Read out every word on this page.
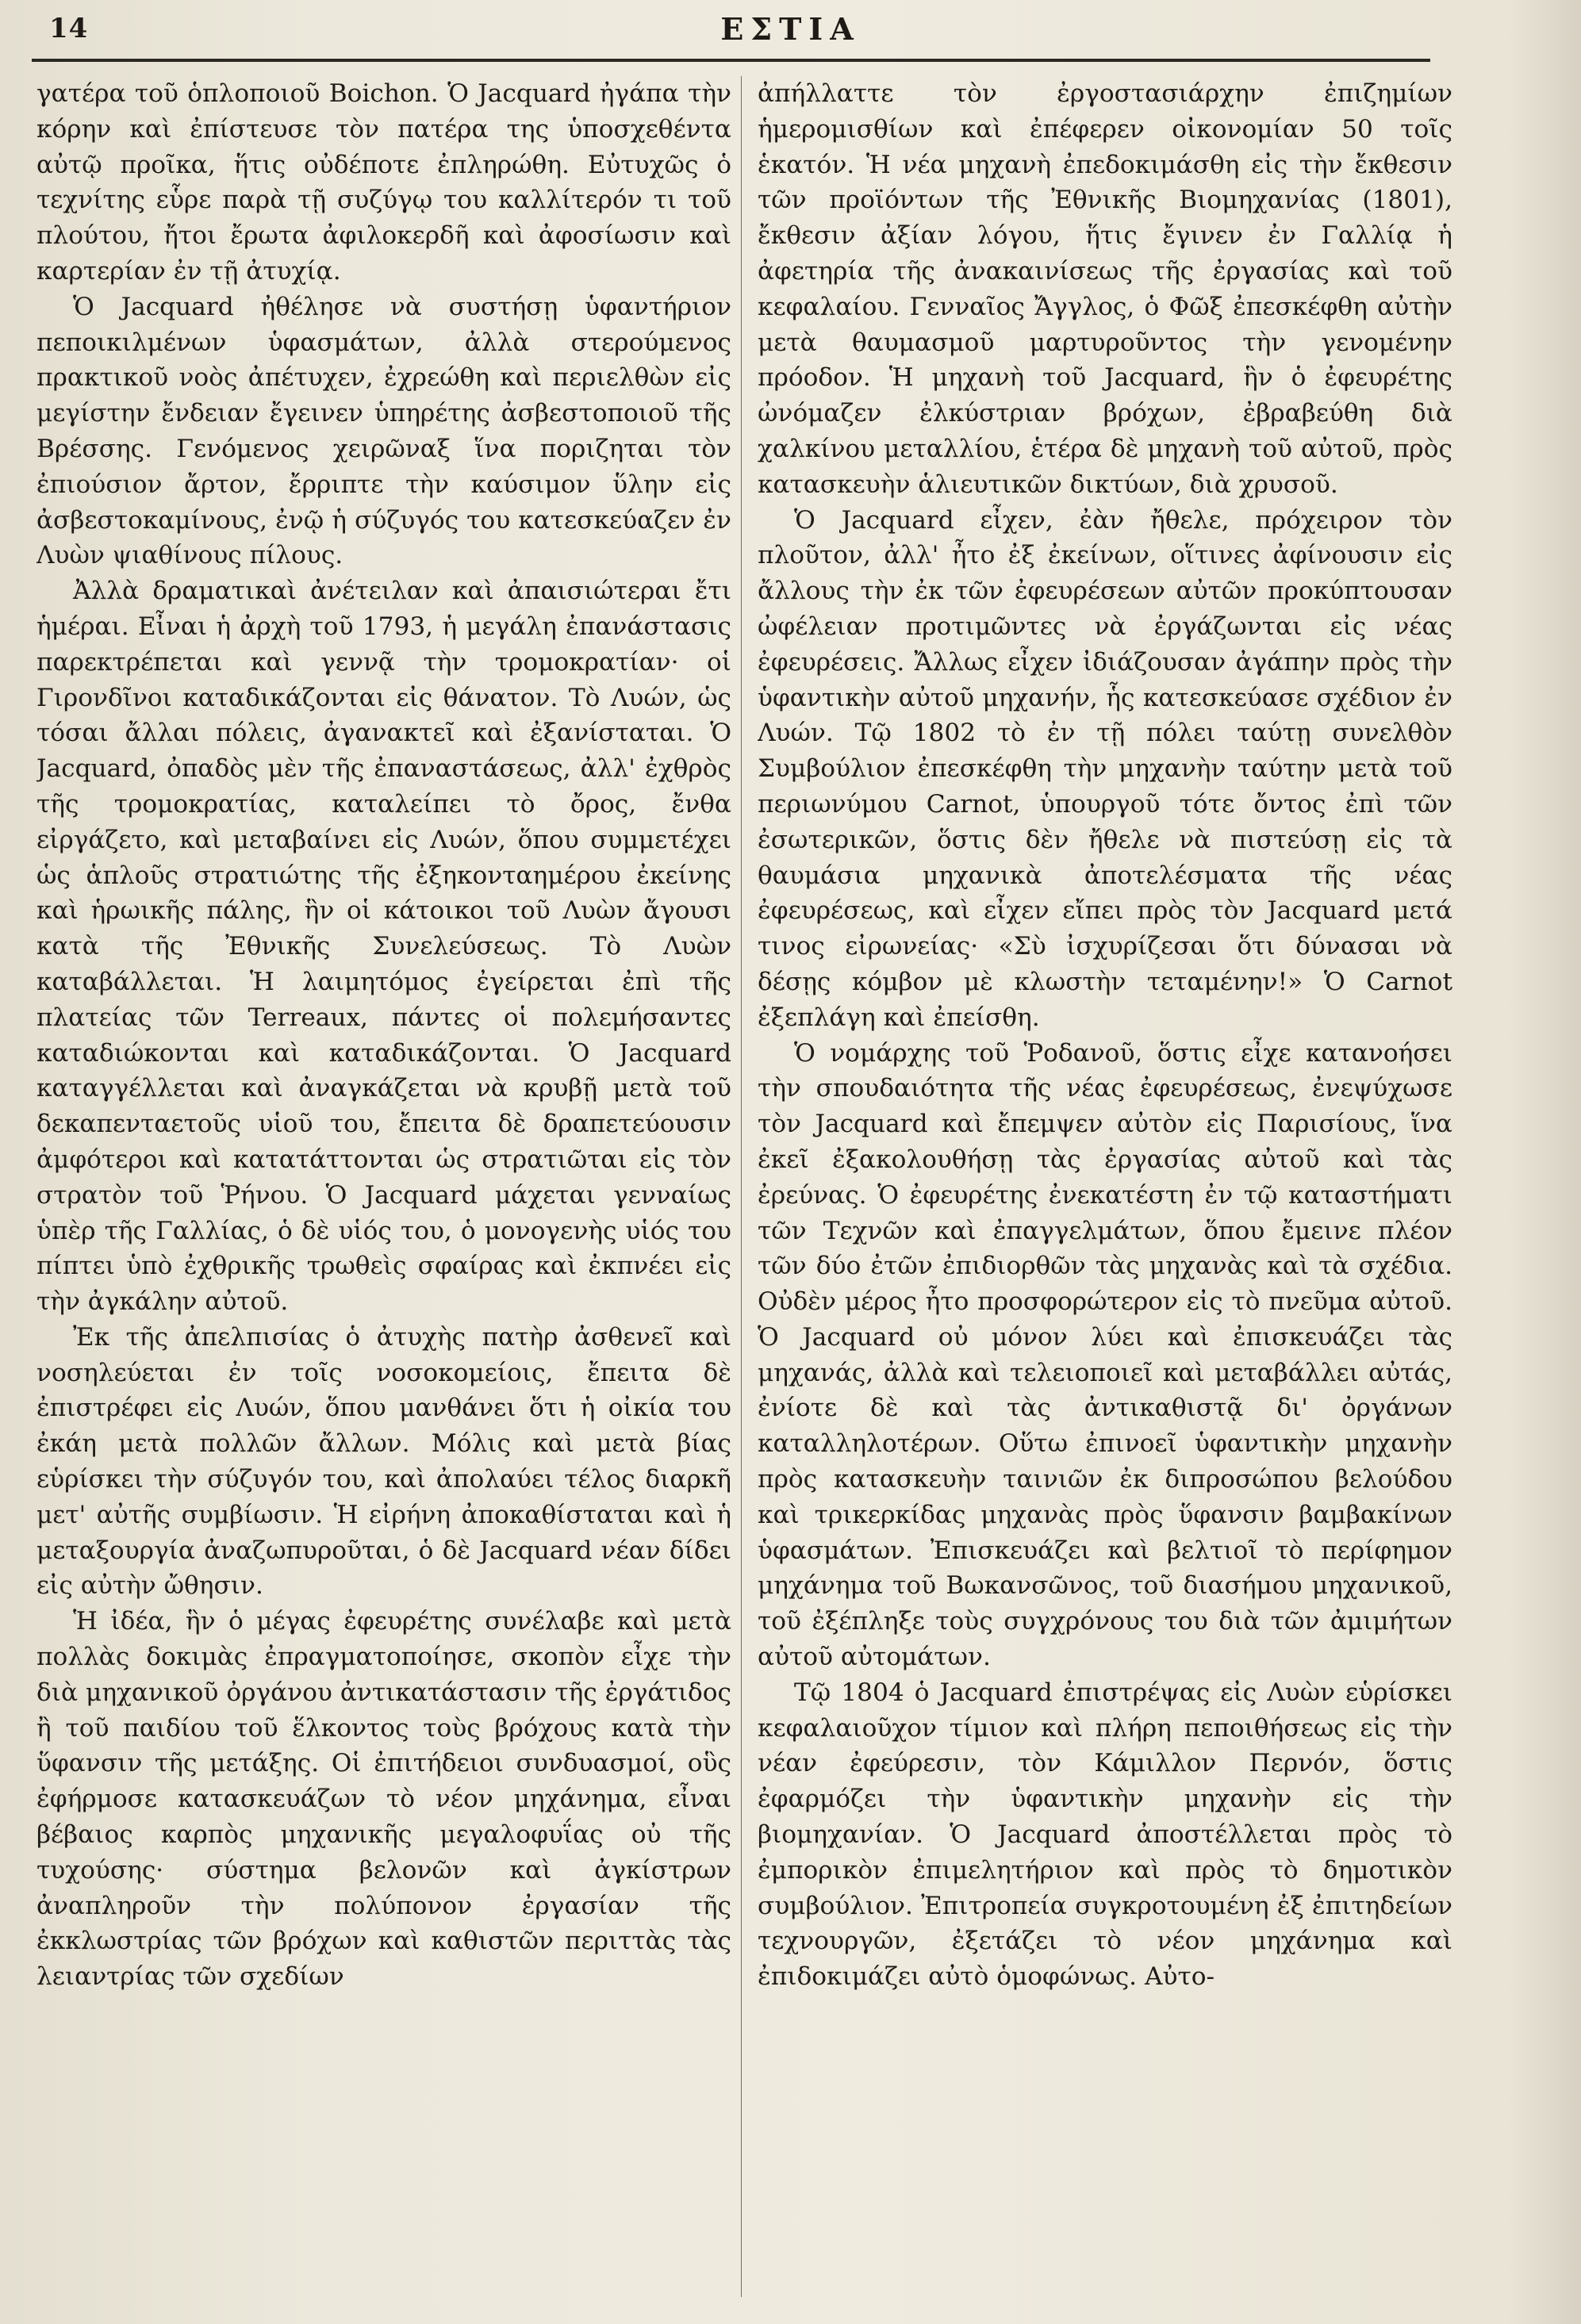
14	ΕΣΤΙΑ

γατέρα τοῦ ὁπλοποιοῦ Boichon. Ὁ Jacquard ἠγάπα τὴν κόρην καὶ ἐπίστευσε τὸν πατέρα της ὑποσχεθέντα αὐτῷ προῖκα, ἥτις οὐδέποτε ἐπληρώθη. Εὐτυχῶς ὁ τεχνίτης εὗρε παρὰ τῇ συζύγῳ του καλλίτερόν τι τοῦ πλούτου, ἤτοι ἔρωτα ἀφιλοκερδῆ καὶ ἀφοσίωσιν καὶ καρτερίαν ἐν τῇ ἀτυχίᾳ.

Ὁ Jacquard ἠθέλησε νὰ συστήσῃ ὑφαντήριον πεποικιλμένων ὑφασμάτων, ἀλλὰ στερούμενος πρακτικοῦ νοὸς ἀπέτυχεν, ἐχρεώθη καὶ περιελθὼν εἰς μεγίστην ἔνδειαν ἔγεινεν ὑπηρέτης ἀσβεστοποιοῦ τῆς Βρέσσης. Γενόμενος χειρῶναξ ἵνα ποριζηται τὸν ἐπιούσιον ἄρτον, ἔρριπτε τὴν καύσιμον ὕλην εἰς ἀσβεστοκαμίνους, ἐνῷ ἡ σύζυγός του κατεσκεύαζεν ἐν Λυὼν ψιαθίνους πίλους.

Ἀλλὰ δραματικαὶ ἀνέτειλαν καὶ ἀπαισιώτεραι ἔτι ἡμέραι. Εἶναι ἡ ἀρχὴ τοῦ 1793, ἡ μεγάλη ἐπανάστασις παρεκτρέπεται καὶ γεννᾷ τὴν τρομοκρατίαν· οἱ Γιρονδῖνοι καταδικάζονται εἰς θάνατον. Τὸ Λυών, ὡς τόσαι ἄλλαι πόλεις, ἀγανακτεῖ καὶ ἐξανίσταται. Ὁ Jacquard, ὀπαδὸς μὲν τῆς ἐπαναστάσεως, ἀλλ' ἐχθρὸς τῆς τρομοκρατίας, καταλείπει τὸ ὄρος, ἔνθα εἰργάζετο, καὶ μεταβαίνει εἰς Λυών, ὅπου συμμετέχει ὡς ἁπλοῦς στρατιώτης τῆς ἐξηκονταημέρου ἐκείνης καὶ ἡρωικῆς πάλης, ἣν οἱ κάτοικοι τοῦ Λυὼν ἄγουσι κατὰ τῆς Ἐθνικῆς Συνελεύσεως. Τὸ Λυὼν καταβάλλεται. Ἡ λαιμητόμος ἐγείρεται ἐπὶ τῆς πλατείας τῶν Terreaux, πάντες οἱ πολεμήσαντες καταδιώκονται καὶ καταδικάζονται. Ὁ Jacquard καταγγέλλεται καὶ ἀναγκάζεται νὰ κρυβῇ μετὰ τοῦ δεκαπενταετοῦς υἱοῦ του, ἔπειτα δὲ δραπετεύουσιν ἀμφότεροι καὶ κατατάττονται ὡς στρατιῶται εἰς τὸν στρατὸν τοῦ Ῥήνου. Ὁ Jacquard μάχεται γενναίως ὑπὲρ τῆς Γαλλίας, ὁ δὲ υἱός του, ὁ μονογενὴς υἱός του πίπτει ὑπὸ ἐχθρικῆς τρωθεὶς σφαίρας καὶ ἐκπνέει εἰς τὴν ἀγκάλην αὐτοῦ.

Ἐκ τῆς ἀπελπισίας ὁ ἀτυχὴς πατὴρ ἀσθενεῖ καὶ νοσηλεύεται ἐν τοῖς νοσοκομείοις, ἔπειτα δὲ ἐπιστρέφει εἰς Λυών, ὅπου μανθάνει ὅτι ἡ οἰκία του ἐκάη μετὰ πολλῶν ἄλλων. Μόλις καὶ μετὰ βίας εὑρίσκει τὴν σύζυγόν του, καὶ ἀπολαύει τέλος διαρκῆ μετ' αὐτῆς συμβίωσιν. Ἡ εἰρήνη ἀποκαθίσταται καὶ ἡ μεταξουργία ἀναζωπυροῦται, ὁ δὲ Jacquard νέαν δίδει εἰς αὐτὴν ὤθησιν.

Ἡ ἰδέα, ἣν ὁ μέγας ἐφευρέτης συνέλαβε καὶ μετὰ πολλὰς δοκιμὰς ἐπραγματοποίησε, σκοπὸν εἶχε τὴν διὰ μηχανικοῦ ὀργάνου ἀντικατάστασιν τῆς ἐργάτιδος ἢ τοῦ παιδίου τοῦ ἕλκοντος τοὺς βρόχους κατὰ τὴν ὕφανσιν τῆς μετάξης. Οἱ ἐπιτήδειοι συνδυασμοί, οὓς ἐφήρμοσε κατασκευάζων τὸ νέον μηχάνημα, εἶναι βέβαιος καρπὸς μηχανικῆς μεγαλοφυΐας οὐ τῆς τυχούσης· σύστημα βελονῶν καὶ ἀγκίστρων ἀναπληροῦν τὴν πολύπονον ἐργασίαν τῆς ἐκκλωστρίας τῶν βρόχων καὶ καθιστῶν περιττὰς τὰς λειαντρίας τῶν σχεδίων

ἀπήλλαττε τὸν ἐργοστασιάρχην ἐπιζημίων ἡμερομισθίων καὶ ἐπέφερεν οἰκονομίαν 50 τοῖς ἑκατόν. Ἡ νέα μηχανὴ ἐπεδοκιμάσθη εἰς τὴν ἔκθεσιν τῶν προϊόντων τῆς Ἐθνικῆς Βιομηχανίας (1801), ἔκθεσιν ἀξίαν λόγου, ἥτις ἔγινεν ἐν Γαλλίᾳ ἡ ἀφετηρία τῆς ἀνακαινίσεως τῆς ἐργασίας καὶ τοῦ κεφαλαίου. Γενναῖος Ἄγγλος, ὁ Φῶξ ἐπεσκέφθη αὐτὴν μετὰ θαυμασμοῦ μαρτυροῦντος τὴν γενομένην πρόοδον. Ἡ μηχανὴ τοῦ Jacquard, ἣν ὁ ἐφευρέτης ὠνόμαζεν ἐλκύστριαν βρόχων, ἐβραβεύθη διὰ χαλκίνου μεταλλίου, ἑτέρα δὲ μηχανὴ τοῦ αὐτοῦ, πρὸς κατασκευὴν ἁλιευτικῶν δικτύων, διὰ χρυσοῦ.

Ὁ Jacquard εἶχεν, ἐὰν ἤθελε, πρόχειρον τὸν πλοῦτον, ἀλλ' ἦτο ἐξ ἐκείνων, οἵτινες ἀφίνουσιν εἰς ἄλλους τὴν ἐκ τῶν ἐφευρέσεων αὐτῶν προκύπτουσαν ὠφέλειαν προτιμῶντες νὰ ἐργάζωνται εἰς νέας ἐφευρέσεις. Ἄλλως εἶχεν ἰδιάζουσαν ἀγάπην πρὸς τὴν ὑφαντικὴν αὐτοῦ μηχανήν, ἧς κατεσκεύασε σχέδιον ἐν Λυών. Τῷ 1802 τὸ ἐν τῇ πόλει ταύτῃ συνελθὸν Συμβούλιον ἐπεσκέφθη τὴν μηχανὴν ταύτην μετὰ τοῦ περιωνύμου Carnot, ὑπουργοῦ τότε ὄντος ἐπὶ τῶν ἐσωτερικῶν, ὅστις δὲν ἤθελε νὰ πιστεύσῃ εἰς τὰ θαυμάσια μηχανικὰ ἀποτελέσματα τῆς νέας ἐφευρέσεως, καὶ εἶχεν εἴπει πρὸς τὸν Jacquard μετά τινος εἰρωνείας· «Σὺ ἰσχυρίζεσαι ὅτι δύνασαι νὰ δέσῃς κόμβον μὲ κλωστὴν τεταμένην!» Ὁ Carnot ἐξεπλάγη καὶ ἐπείσθη.

Ὁ νομάρχης τοῦ Ῥοδανοῦ, ὅστις εἶχε κατανοήσει τὴν σπουδαιότητα τῆς νέας ἐφευρέσεως, ἐνεψύχωσε τὸν Jacquard καὶ ἔπεμψεν αὐτὸν εἰς Παρισίους, ἵνα ἐκεῖ ἐξακολουθήσῃ τὰς ἐργασίας αὐτοῦ καὶ τὰς ἐρεύνας. Ὁ ἐφευρέτης ἐνεκατέστη ἐν τῷ καταστήματι τῶν Τεχνῶν καὶ ἐπαγγελμάτων, ὅπου ἔμεινε πλέον τῶν δύο ἐτῶν ἐπιδιορθῶν τὰς μηχανὰς καὶ τὰ σχέδια. Οὐδὲν μέρος ἦτο προσφορώτερον εἰς τὸ πνεῦμα αὐτοῦ. Ὁ Jacquard οὐ μόνον λύει καὶ ἐπισκευάζει τὰς μηχανάς, ἀλλὰ καὶ τελειοποιεῖ καὶ μεταβάλλει αὐτάς, ἐνίοτε δὲ καὶ τὰς ἀντικαθιστᾷ δι' ὀργάνων καταλληλοτέρων. Οὕτω ἐπινοεῖ ὑφαντικὴν μηχανὴν πρὸς κατασκευὴν ταινιῶν ἐκ διπροσώπου βελούδου καὶ τρικερκίδας μηχανὰς πρὸς ὕφανσιν βαμβακίνων ὑφασμάτων. Ἐπισκευάζει καὶ βελτιοῖ τὸ περίφημον μηχάνημα τοῦ Βωκανσῶνος, τοῦ διασήμου μηχανικοῦ, τοῦ ἐξέπληξε τοὺς συγχρόνους του διὰ τῶν ἀμιμήτων αὐτοῦ αὐτομάτων.

Τῷ 1804 ὁ Jacquard ἐπιστρέψας εἰς Λυὼν εὑρίσκει κεφαλαιοῦχον τίμιον καὶ πλήρη πεποιθήσεως εἰς τὴν νέαν ἐφεύρεσιν, τὸν Κάμιλλον Περνόν, ὅστις ἐφαρμόζει τὴν ὑφαντικὴν μηχανὴν εἰς τὴν βιομηχανίαν. Ὁ Jacquard ἀποστέλλεται πρὸς τὸ ἐμπορικὸν ἐπιμελητήριον καὶ πρὸς τὸ δημοτικὸν συμβούλιον. Ἐπιτροπεία συγκροτουμένη ἐξ ἐπιτηδείων τεχνουργῶν, ἐξετάζει τὸ νέον μηχάνημα καὶ ἐπιδοκιμάζει αὐτὸ ὁμοφώνως. Αὐτο-
